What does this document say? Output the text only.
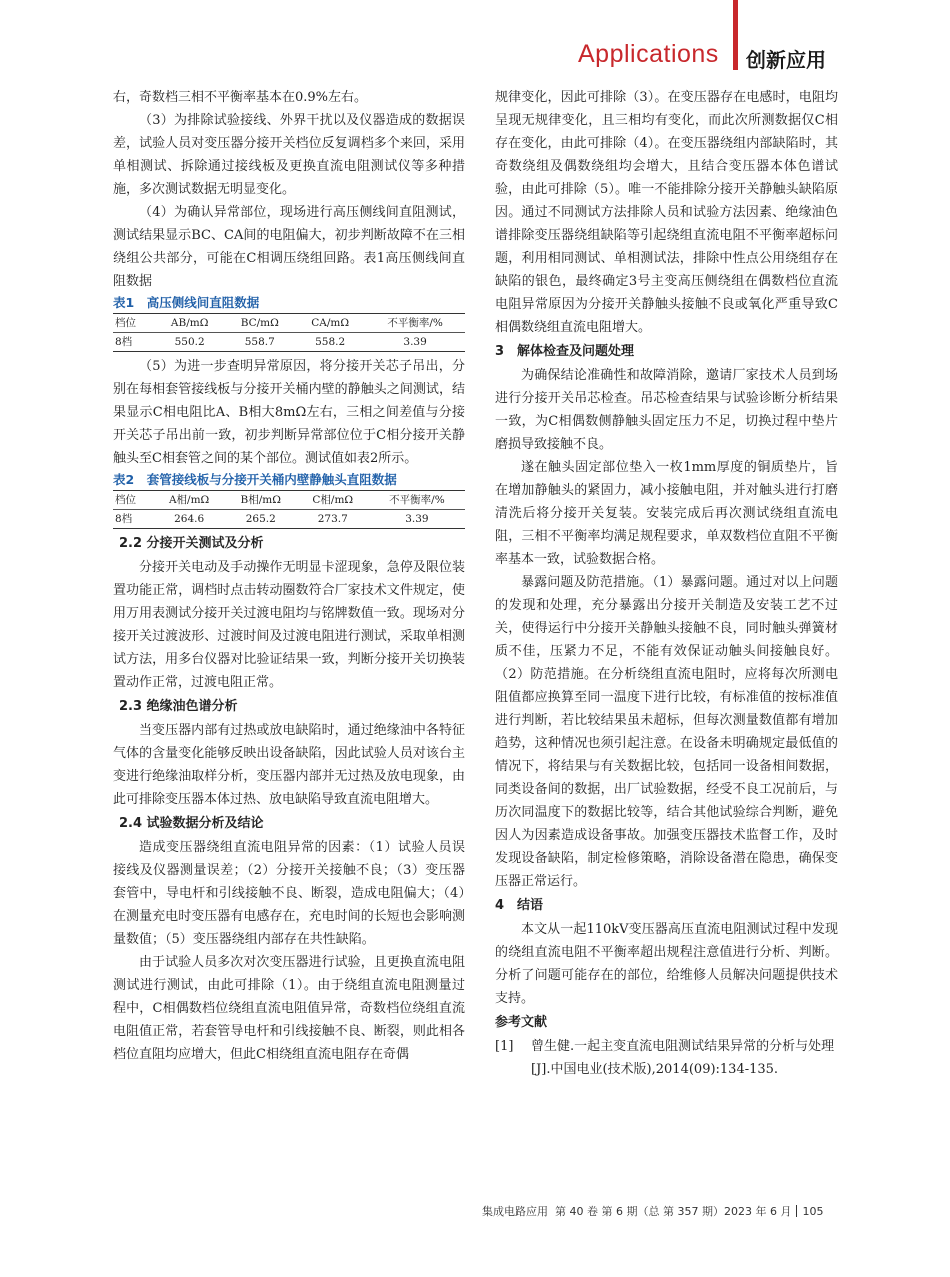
Applications 创新应用

右，奇数档三相不平衡率基本在0.9%左右。

（3）为排除试验接线、外界干扰以及仪器造成的数据误差，试验人员对变压器分接开关档位反复调档多个来回，采用单相测试、拆除通过接线板及更换直流电阻测试仪等多种措施，多次测试数据无明显变化。

（4）为确认异常部位，现场进行高压侧线间直阻测试，测试结果显示BC、CA间的电阻偏大，初步判断故障不在三相绕组公共部分，可能在C相调压绕组回路。表1高压侧线间直阻数据

表1　高压侧线间直阻数据

档位	AB/mΩ	BC/mΩ	CA/mΩ	不平衡率/%
8档	550.2	558.7	558.2	3.39

（5）为进一步查明异常原因，将分接开关芯子吊出，分别在每相套管接线板与分接开关桶内壁的静触头之间测试，结果显示C相电阻比A、B相大8mΩ左右，三相之间差值与分接开关芯子吊出前一致，初步判断异常部位位于C相分接开关静触头至C相套管之间的某个部位。测试值如表2所示。

表2　套管接线板与分接开关桶内壁静触头直阻数据

档位	A相/mΩ	B相/mΩ	C相/mΩ	不平衡率/%
8档	264.6	265.2	273.7	3.39
2.2 分接开关测试及分析

分接开关电动及手动操作无明显卡涩现象，急停及限位装置功能正常，调档时点击转动圈数符合厂家技术文件规定，使用万用表测试分接开关过渡电阻均与铭牌数值一致。现场对分接开关过渡波形、过渡时间及过渡电阻进行测试，采取单相测试方法，用多台仪器对比验证结果一致，判断分接开关切换装置动作正常，过渡电阻正常。

2.3 绝缘油色谱分析

当变压器内部有过热或放电缺陷时，通过绝缘油中各特征气体的含量变化能够反映出设备缺陷，因此试验人员对该台主变进行绝缘油取样分析，变压器内部并无过热及放电现象，由此可排除变压器本体过热、放电缺陷导致直流电阻增大。

2.4 试验数据分析及结论

造成变压器绕组直流电阻异常的因素：（1）试验人员误接线及仪器测量误差；（2）分接开关接触不良；（3）变压器套管中，导电杆和引线接触不良、断裂，造成电阻偏大；（4）在测量充电时变压器有电感存在，充电时间的长短也会影响测量数值；（5）变压器绕组内部存在共性缺陷。

由于试验人员多次对次变压器进行试验，且更换直流电阻测试进行测试，由此可排除（1）。由于绕组直流电阻测量过程中，C相偶数档位绕组直流电阻值异常，奇数档位绕组直流电阻值正常，若套管导电杆和引线接触不良、断裂，则此相各档位直阻均应增大，但此C相绕组直流电阻存在奇偶

规律变化，因此可排除（3）。在变压器存在电感时，电阻均呈现无规律变化，且三相均有变化，而此次所测数据仅C相存在变化，由此可排除（4）。在变压器绕组内部缺陷时，其奇数绕组及偶数绕组均会增大，且结合变压器本体色谱试验，由此可排除（5）。唯一不能排除分接开关静触头缺陷原因。通过不同测试方法排除人员和试验方法因素、绝缘油色谱排除变压器绕组缺陷等引起绕组直流电阻不平衡率超标问题，利用相同测试、单相测试法，排除中性点公用绕组存在缺陷的银色，最终确定3号主变高压侧绕组在偶数档位直流电阻异常原因为分接开关静触头接触不良或氧化严重导致C相偶数绕组直流电阻增大。

3　解体检查及问题处理

为确保结论准确性和故障消除，邀请厂家技术人员到场进行分接开关吊芯检查。吊芯检查结果与试验诊断分析结果一致，为C相偶数侧静触头固定压力不足，切换过程中垫片磨损导致接触不良。

遂在触头固定部位垫入一枚1mm厚度的铜质垫片，旨在增加静触头的紧固力，减小接触电阻，并对触头进行打磨清洗后将分接开关复装。安装完成后再次测试绕组直流电阻，三相不平衡率均满足规程要求，单双数档位直阻不平衡率基本一致，试验数据合格。

暴露问题及防范措施。（1）暴露问题。通过对以上问题的发现和处理，充分暴露出分接开关制造及安装工艺不过关，使得运行中分接开关静触头接触不良，同时触头弹簧材质不佳，压紧力不足，不能有效保证动触头间接触良好。（2）防范措施。在分析绕组直流电阻时，应将每次所测电阻值都应换算至同一温度下进行比较，有标准值的按标准值进行判断，若比较结果虽未超标，但每次测量数值都有增加趋势，这种情况也须引起注意。在设备未明确规定最低值的情况下，将结果与有关数据比较，包括同一设备相间数据，同类设备间的数据，出厂试验数据，经受不良工况前后，与历次同温度下的数据比较等，结合其他试验综合判断，避免因人为因素造成设备事故。加强变压器技术监督工作，及时发现设备缺陷，制定检修策略，消除设备潜在隐患，确保变压器正常运行。

4　结语

本文从一起110kV变压器高压直流电阻测试过程中发现的绕组直流电阻不平衡率超出规程注意值进行分析、判断。分析了问题可能存在的部位，给维修人员解决问题提供技术支持。

参考文献
[1]	曾生健.一起主变直流电阻测试结果异常的分析与处理[J].中国电业(技术版),2014(09):134-135.
集成电路应用 第 40 卷 第 6 期（总 第 357 期）2023 年 6 月 105
